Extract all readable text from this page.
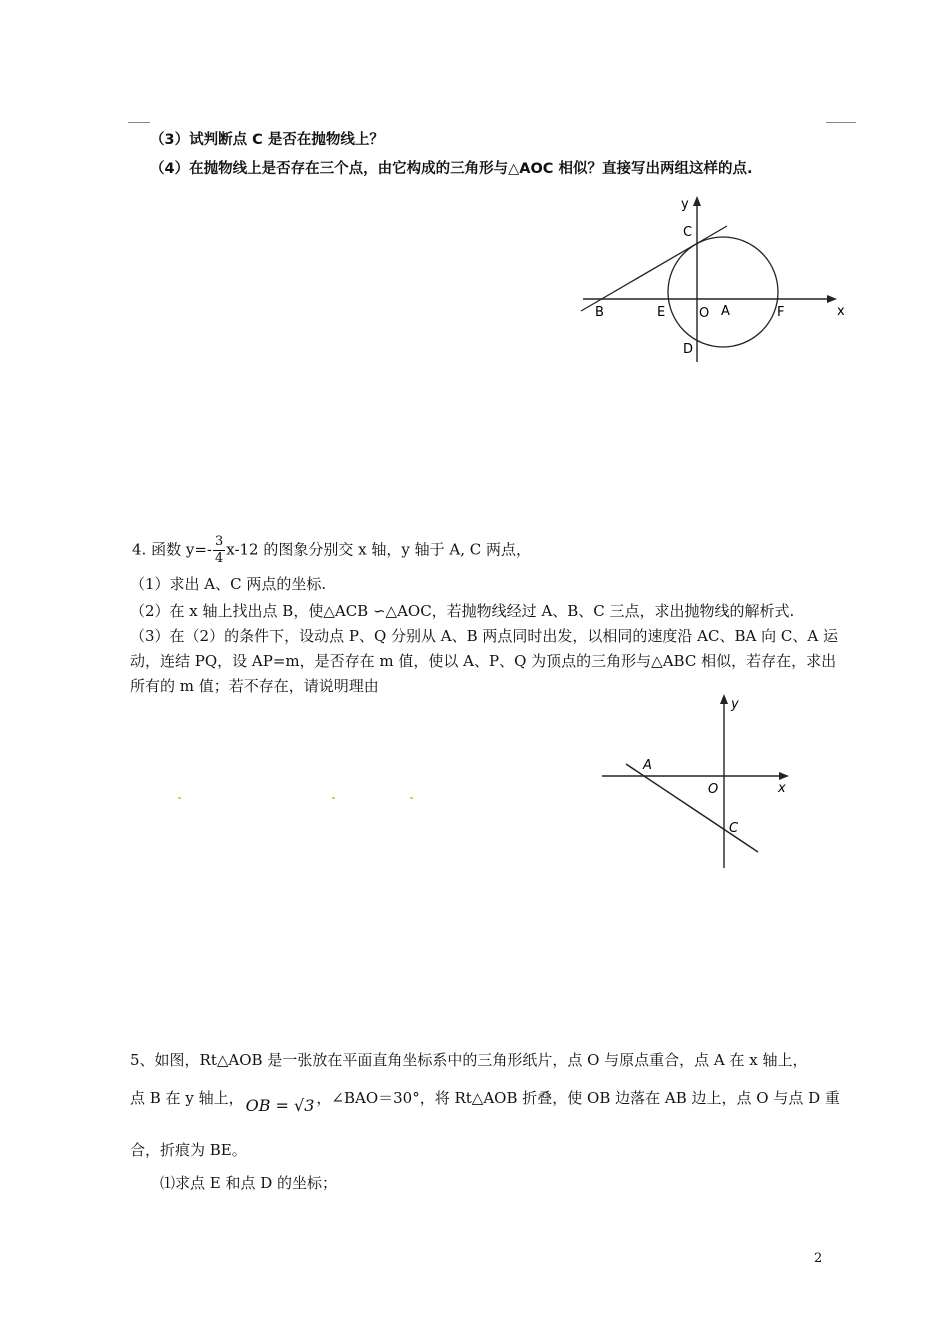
（3）试判断点 C 是否在抛物线上？
（4）在抛物线上是否存在三个点，由它构成的三角形与△AOC 相似？直接写出两组这样的点.
y
x
C
B	E	O A	F
D
4. 函数 $y=- \frac{3}{4} x-12$ 的图象分别交 x 轴，y 轴于 A, C 两点，
（1）求出 A、C 两点的坐标.
（2）在 x 轴上找出点 B，使△ACB ∽△AOC，若抛物线经过 A、B、C 三点，求出抛物线的解析式.
（3）在（2）的条件下，设动点 P、Q 分别从 A、B 两点同时出发，以相同的速度沿 AC、BA 向 C、A 运
动，连结 PQ，设 AP=m，是否存在 m 值，使以 A、P、Q 为顶点的三角形与△ABC 相似，若存在，求出
所有的 m 值；若不存在，请说明理由
y
x
A
O
C
5、如图，Rt△AOB 是一张放在平面直角坐标系中的三角形纸片，点 O 与原点重合，点 A 在 x 轴上，
点 B 在 y 轴上， OB = √3 ，∠BAO＝30°，将 Rt△AOB 折叠，使 OB 边落在 AB 边上，点 O 与点 D 重
合，折痕为 BE。
⑴求点 E 和点 D 的坐标；
2
